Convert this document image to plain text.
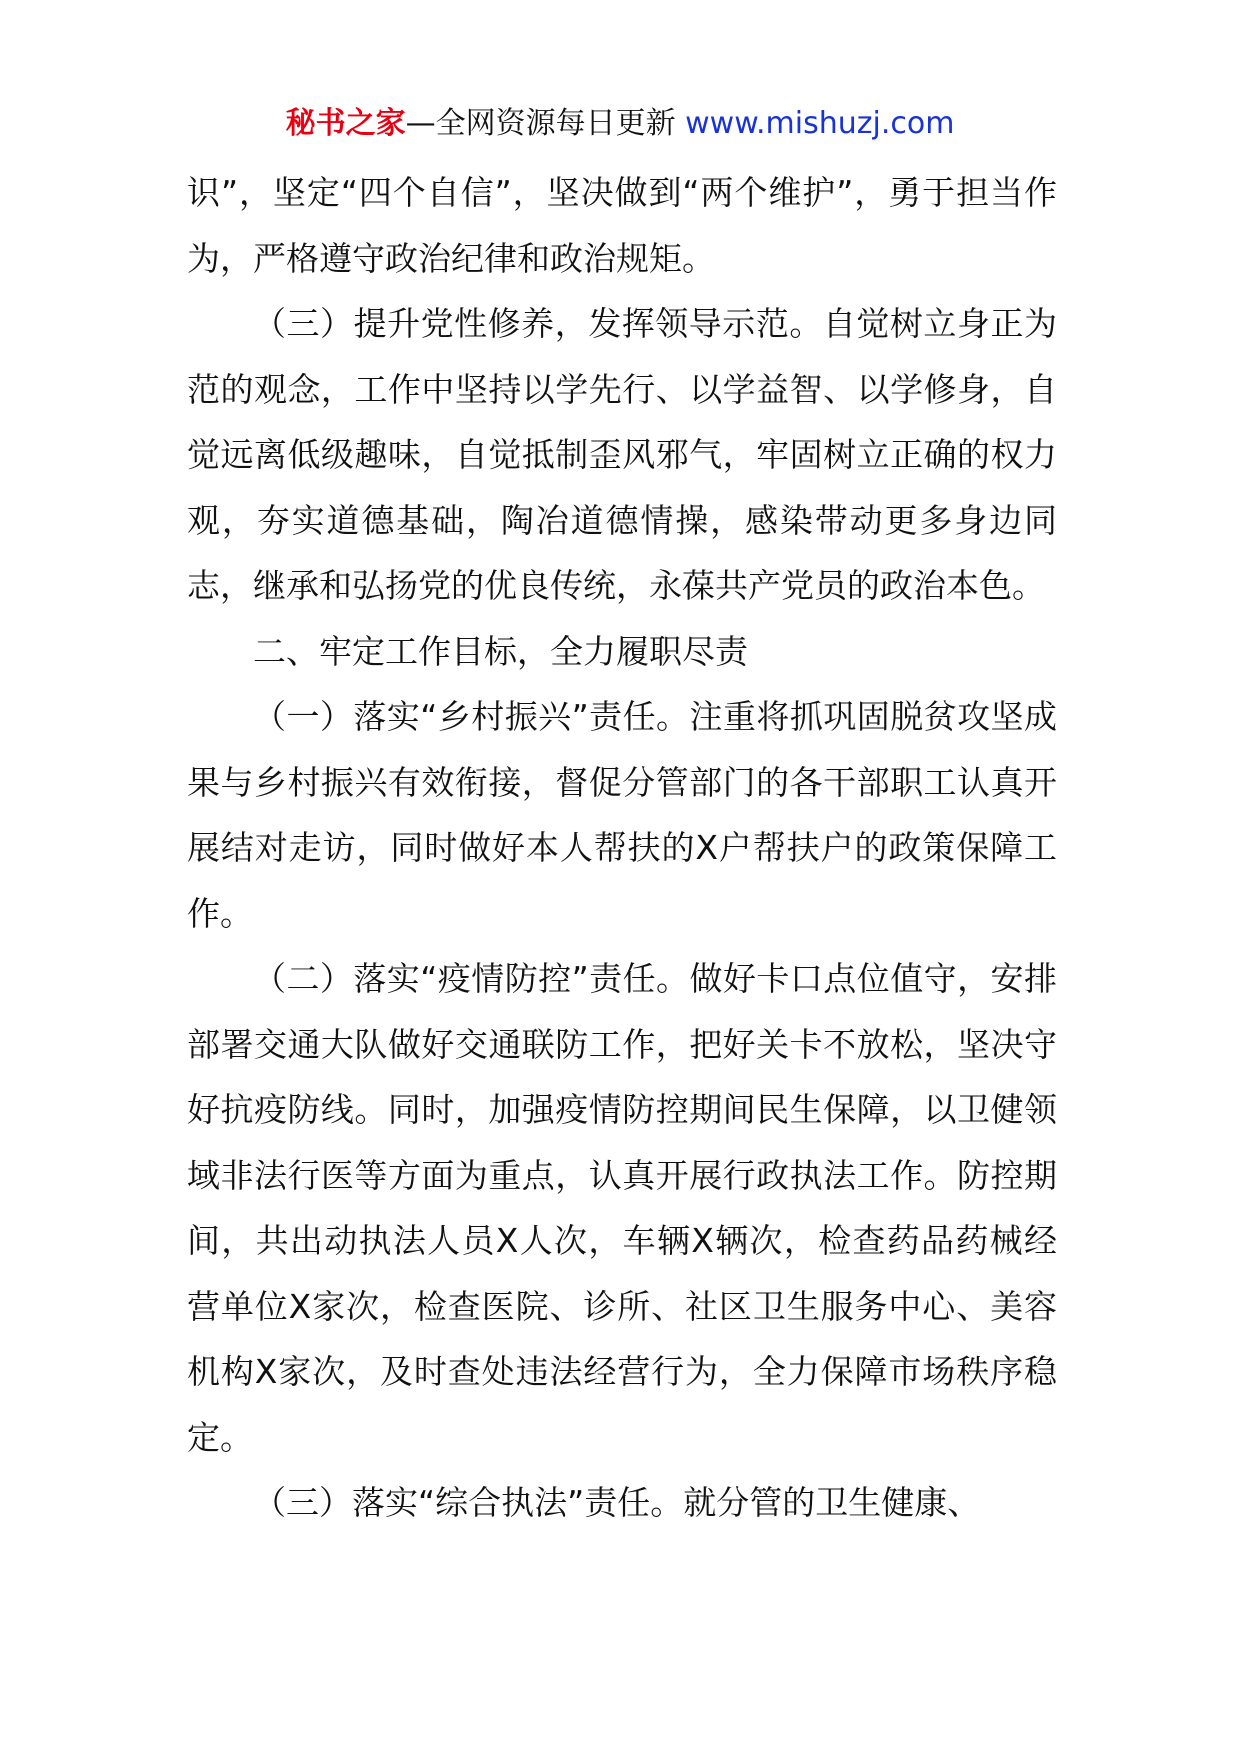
秘书之家—全网资源每日更新 www.mishuzj.com

识”，坚定“四个自信”，坚决做到“两个维护”，勇于担当作为，严格遵守政治纪律和政治规矩。

（三）提升党性修养，发挥领导示范。自觉树立身正为范的观念，工作中坚持以学先行、以学益智、以学修身，自觉远离低级趣味，自觉抵制歪风邪气，牢固树立正确的权力观，夯实道德基础，陶冶道德情操，感染带动更多身边同志，继承和弘扬党的优良传统，永葆共产党员的政治本色。

二、牢定工作目标，全力履职尽责

（一）落实“乡村振兴”责任。注重将抓巩固脱贫攻坚成果与乡村振兴有效衔接，督促分管部门的各干部职工认真开展结对走访，同时做好本人帮扶的X户帮扶户的政策保障工作。

（二）落实“疫情防控”责任。做好卡口点位值守，安排部署交通大队做好交通联防工作，把好关卡不放松，坚决守好抗疫防线。同时，加强疫情防控期间民生保障，以卫健领域非法行医等方面为重点，认真开展行政执法工作。防控期间，共出动执法人员X人次，车辆X辆次，检查药品药械经营单位X家次，检查医院、诊所、社区卫生服务中心、美容机构X家次，及时查处违法经营行为，全力保障市场秩序稳定。

（三）落实“综合执法”责任。就分管的卫生健康、
